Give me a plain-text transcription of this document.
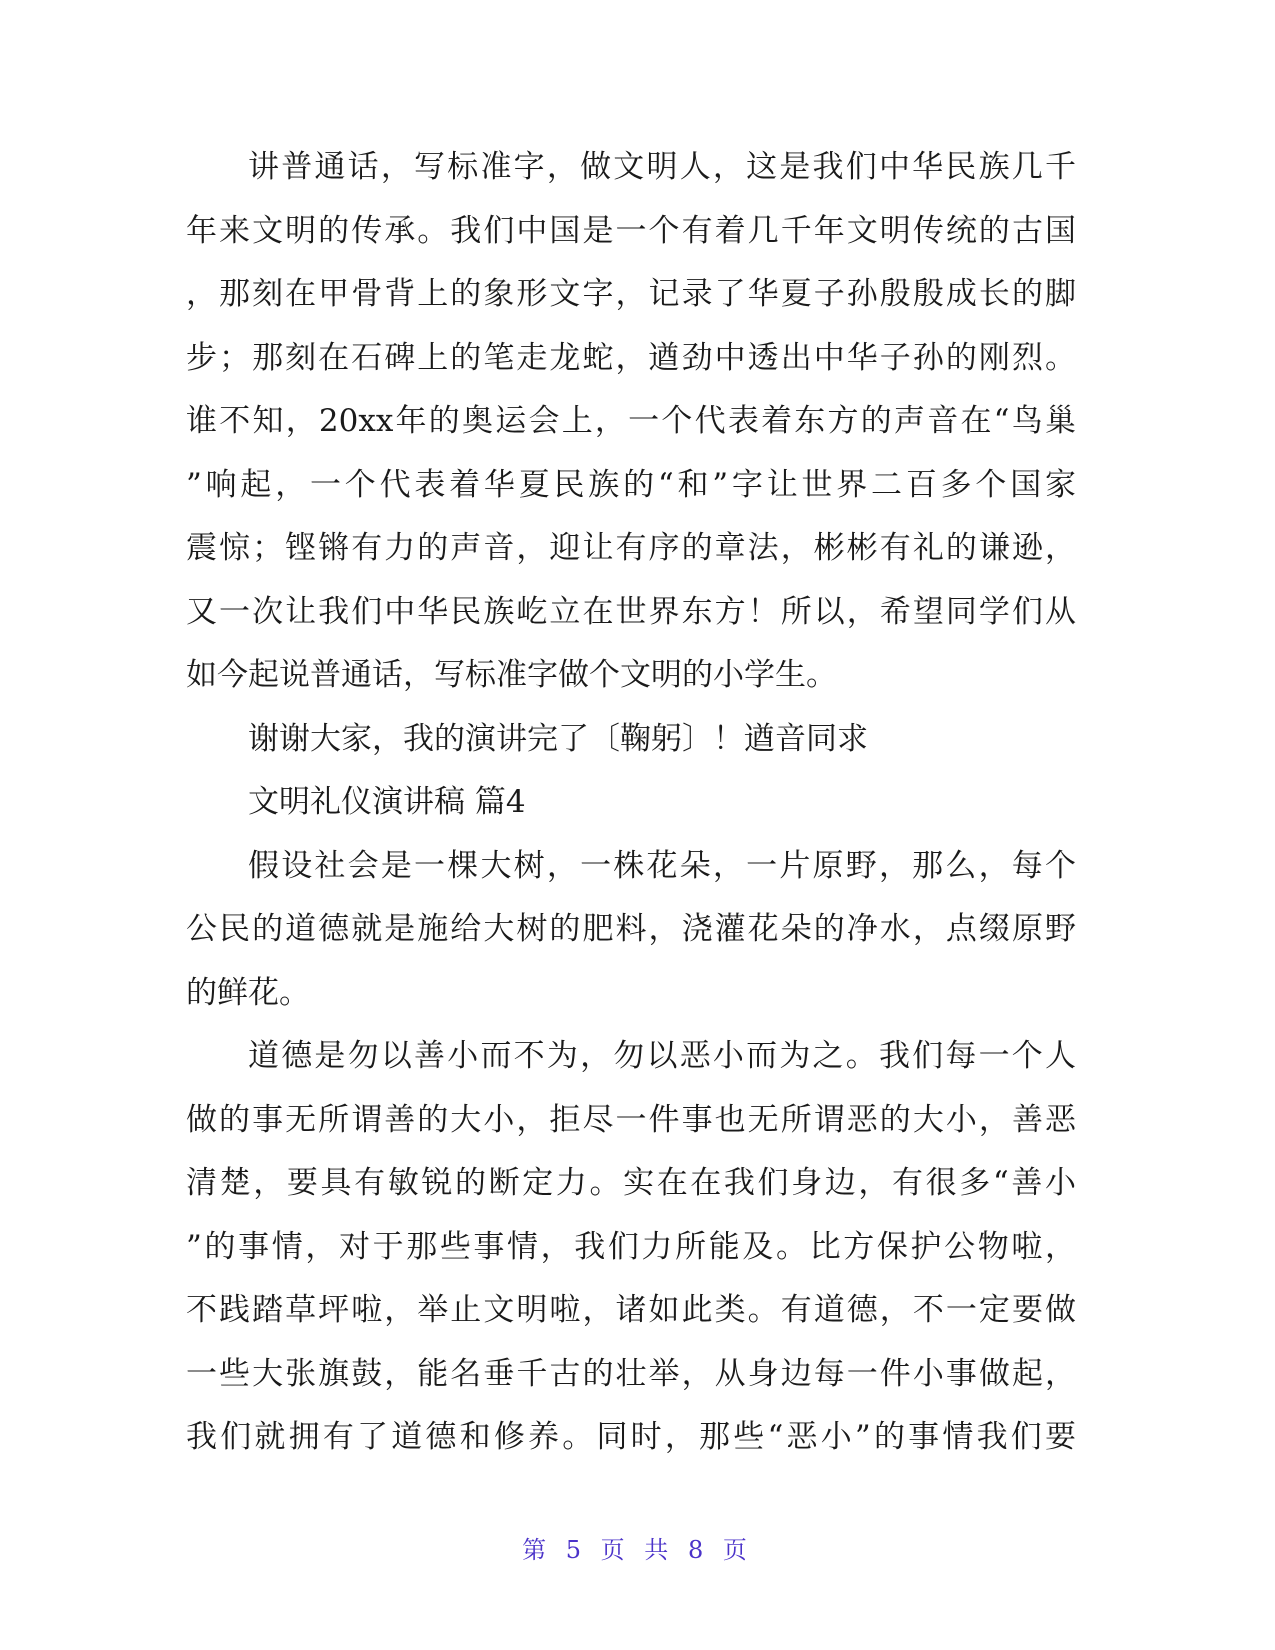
讲普通话，写标准字，做文明人，这是我们中华民族几千
年来文明的传承。我们中国是一个有着几千年文明传统的古国
，那刻在甲骨背上的象形文字，记录了华夏子孙殷殷成长的脚
步；那刻在石碑上的笔走龙蛇，遒劲中透出中华子孙的刚烈。
谁不知，20xx年的奥运会上，一个代表着东方的声音在“鸟巢
”响起，一个代表着华夏民族的“和”字让世界二百多个国家
震惊；铿锵有力的声音，迎让有序的章法，彬彬有礼的谦逊，
又一次让我们中华民族屹立在世界东方！所以，希望同学们从
如今起说普通话，写标准字做个文明的小学生。
谢谢大家，我的演讲完了〔鞠躬〕！遒音同求
文明礼仪演讲稿 篇4
假设社会是一棵大树，一株花朵，一片原野，那么，每个
公民的道德就是施给大树的肥料，浇灌花朵的净水，点缀原野
的鲜花。
道德是勿以善小而不为，勿以恶小而为之。我们每一个人
做的事无所谓善的大小，拒尽一件事也无所谓恶的大小，善恶
清楚，要具有敏锐的断定力。实在在我们身边，有很多“善小
”的事情，对于那些事情，我们力所能及。比方保护公物啦，
不践踏草坪啦，举止文明啦，诸如此类。有道德，不一定要做
一些大张旗鼓，能名垂千古的壮举，从身边每一件小事做起，
我们就拥有了道德和修养。同时，那些“恶小”的事情我们要
第 5 页 共 8 页
